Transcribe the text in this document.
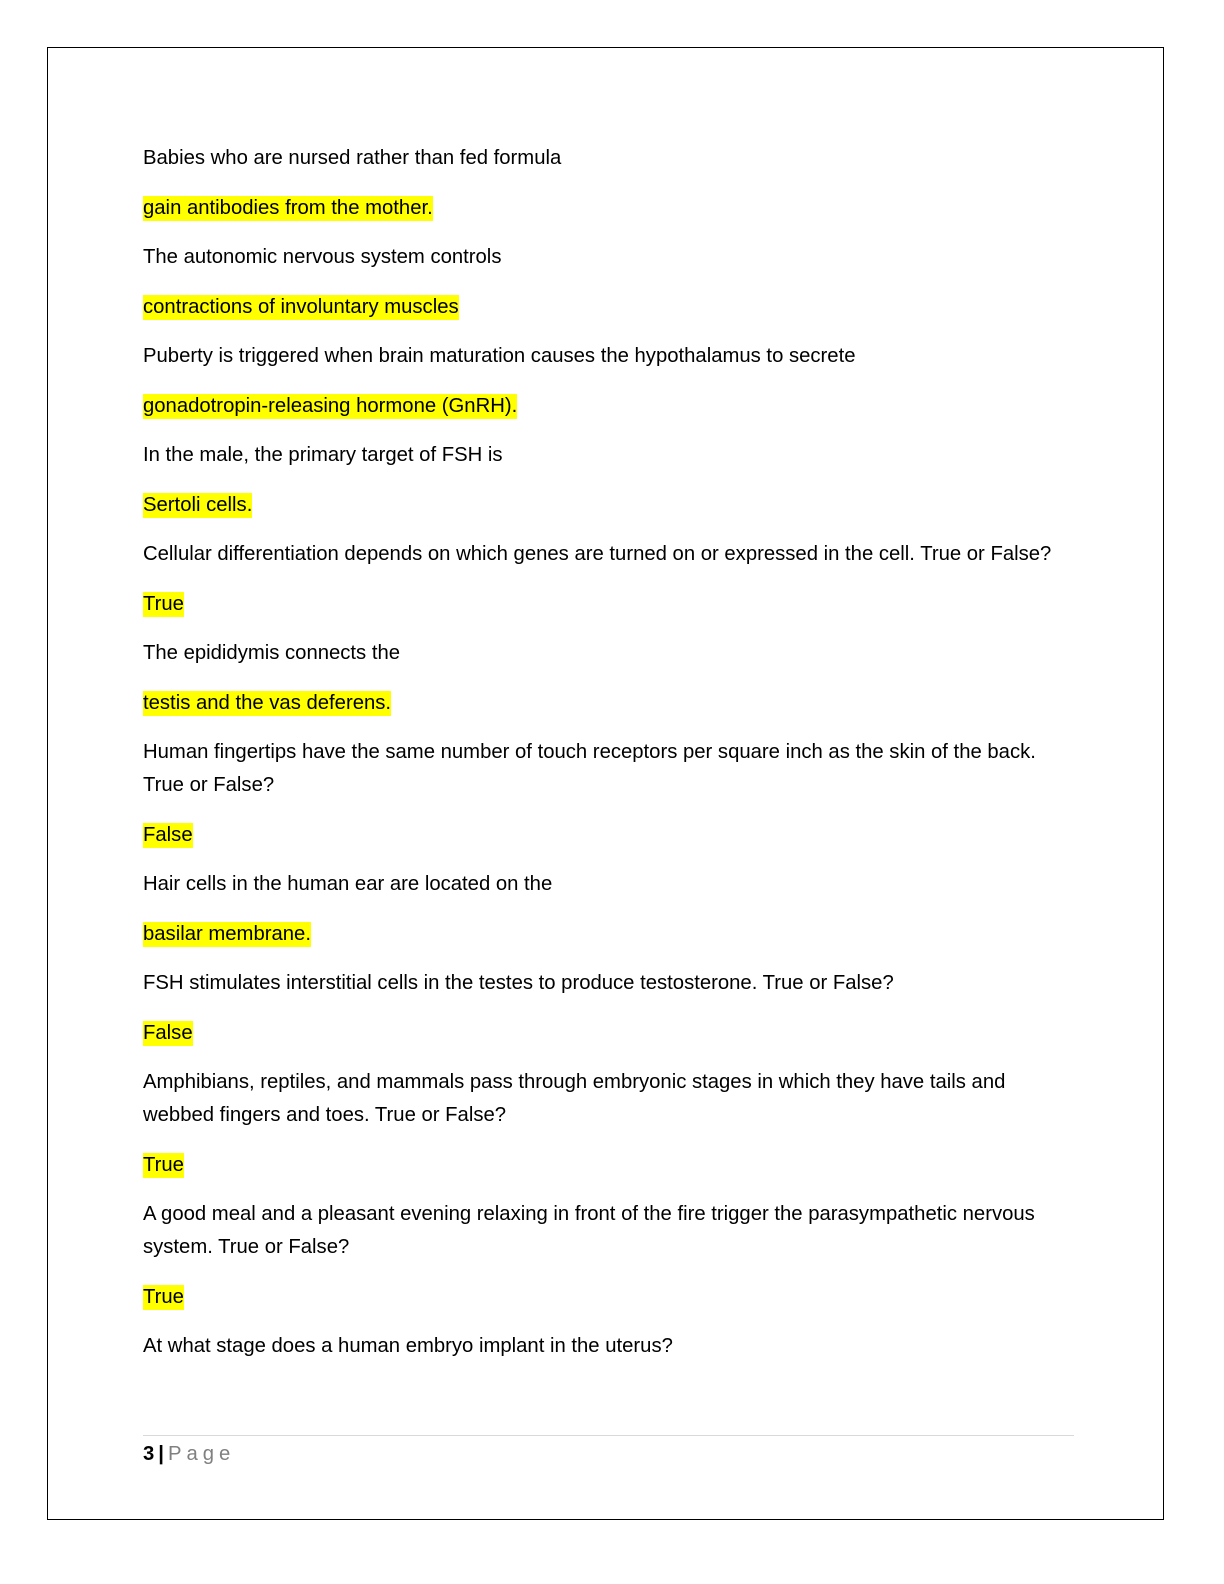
Babies who are nursed rather than fed formula

gain antibodies from the mother.

The autonomic nervous system controls

contractions of involuntary muscles

Puberty is triggered when brain maturation causes the hypothalamus to secrete

gonadotropin-releasing hormone (GnRH).

In the male, the primary target of FSH is

Sertoli cells.

Cellular differentiation depends on which genes are turned on or expressed in the cell. True or False?

True

The epididymis connects the

testis and the vas deferens.

Human fingertips have the same number of touch receptors per square inch as the skin of the back. True or False?

False

Hair cells in the human ear are located on the

basilar membrane.

FSH stimulates interstitial cells in the testes to produce testosterone. True or False?

False

Amphibians, reptiles, and mammals pass through embryonic stages in which they have tails and webbed fingers and toes. True or False?

True

A good meal and a pleasant evening relaxing in front of the fire trigger the parasympathetic nervous system. True or False?

True

At what stage does a human embryo implant in the uterus?

3 | Page
